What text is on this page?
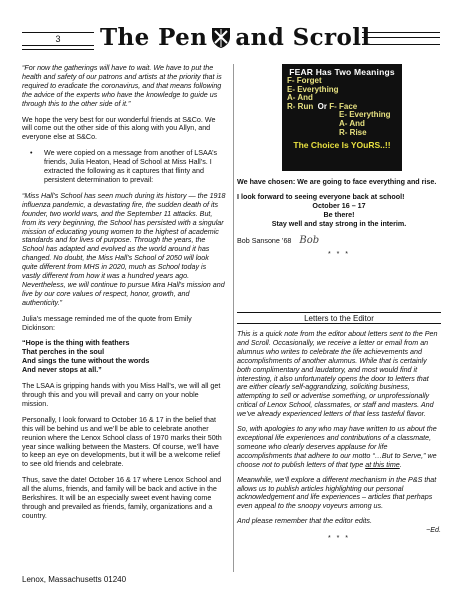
3	The Pen and Scroll

“For now the gatherings will have to wait. We have to put the health and safety of our patrons and artists at the priority that is required to eradicate the coronavirus, and that means following the advice of the experts who have the knowledge to guide us through this to the other side of it.”

We hope the very best for our wonderful friends at S&Co. We will come out the other side of this along with you Allyn, and everyone else at S&Co.

•	We were copied on a message from another of LSAA’s friends, Julia Heaton, Head of School at Miss Hall’s. I extracted the following as it captures that flinty and persistent determination to prevail:

“Miss Hall’s School has seen much during its history — the 1918 influenza pandemic, a devastating fire, the sudden death of its founder, two world wars, and the September 11 attacks. But, from its very beginning, the School has persisted with a singular mission of educating young women to the highest of academic standards and for lives of purpose. Through the years, the School has adapted and evolved as the world around it has changed. No doubt, the Miss Hall’s School of 2050 will look quite different from MHS in 2020, much as School today is vastly different from how it was a hundred years ago. Nevertheless, we will continue to pursue Mira Hall’s mission and live by our core values of respect, honor, growth, and authenticity.”

Julia’s message reminded me of the quote from Emily Dickinson:

“Hope is the thing with feathers
That perches in the soul
And sings the tune without the words
And never stops at all.”

The LSAA is gripping hands with you Miss Hall’s, we will all get through this and you will prevail and carry on your noble mission.

Personally, I look forward to October 16 & 17 in the belief that this will be behind us and we’ll be able to celebrate another reunion where the Lenox School class of 1970 marks their 50th year since walking between the Masters. Of course, we’ll have to keep an eye on developments, but it will be a welcome relief to see old friends and celebrate.

Thus, save the date! October 16 & 17 where Lenox School and all the alums, friends, and family will be back and active in the Berkshires. It will be an especially sweet event having come through and prevailed as friends, family, organizations and a country.

Lenox, Massachusetts 01240
FEAR Has Two Meanings
F- Forget
E- Everything
A- And
R- Run Or F- Face
E- Everything
A- And
R- Rise
The Choice Is YOuRS..!!

We have chosen: We are going to face everything and rise.

I look forward to seeing everyone back at school!
October 16 – 17
Be there!
Stay well and stay strong in the interim.
Bob Sansone ’68 Bob
* * *
Letters to the Editor

This is a quick note from the editor about letters sent to the Pen and Scroll. Occasionally, we receive a letter or email from an alumnus who writes to celebrate the life achievements and accomplishments of another alumnus. While that is certainly both complimentary and laudatory, and most would find it interesting, it also unfortunately opens the door to letters that are either clearly self-aggrandizing, soliciting business, attempting to sell or advertise something, or unprofessionally critical of Lenox School, classmates, or staff and masters. And we’ve already experienced letters of that less tasteful flavor.

So, with apologies to any who may have written to us about the exceptional life experiences and contributions of a classmate, someone who clearly deserves applause for life accomplishments that adhere to our motto “…But to Serve,” we choose not to publish letters of that type at this time.

Meanwhile, we’ll explore a different mechanism in the P&S that allows us to publish articles highlighting our personal acknowledgement and life experiences – articles that perhaps even appeal to the snoopy voyeurs among us.

And please remember that the editor edits.

~Ed.
* * *
